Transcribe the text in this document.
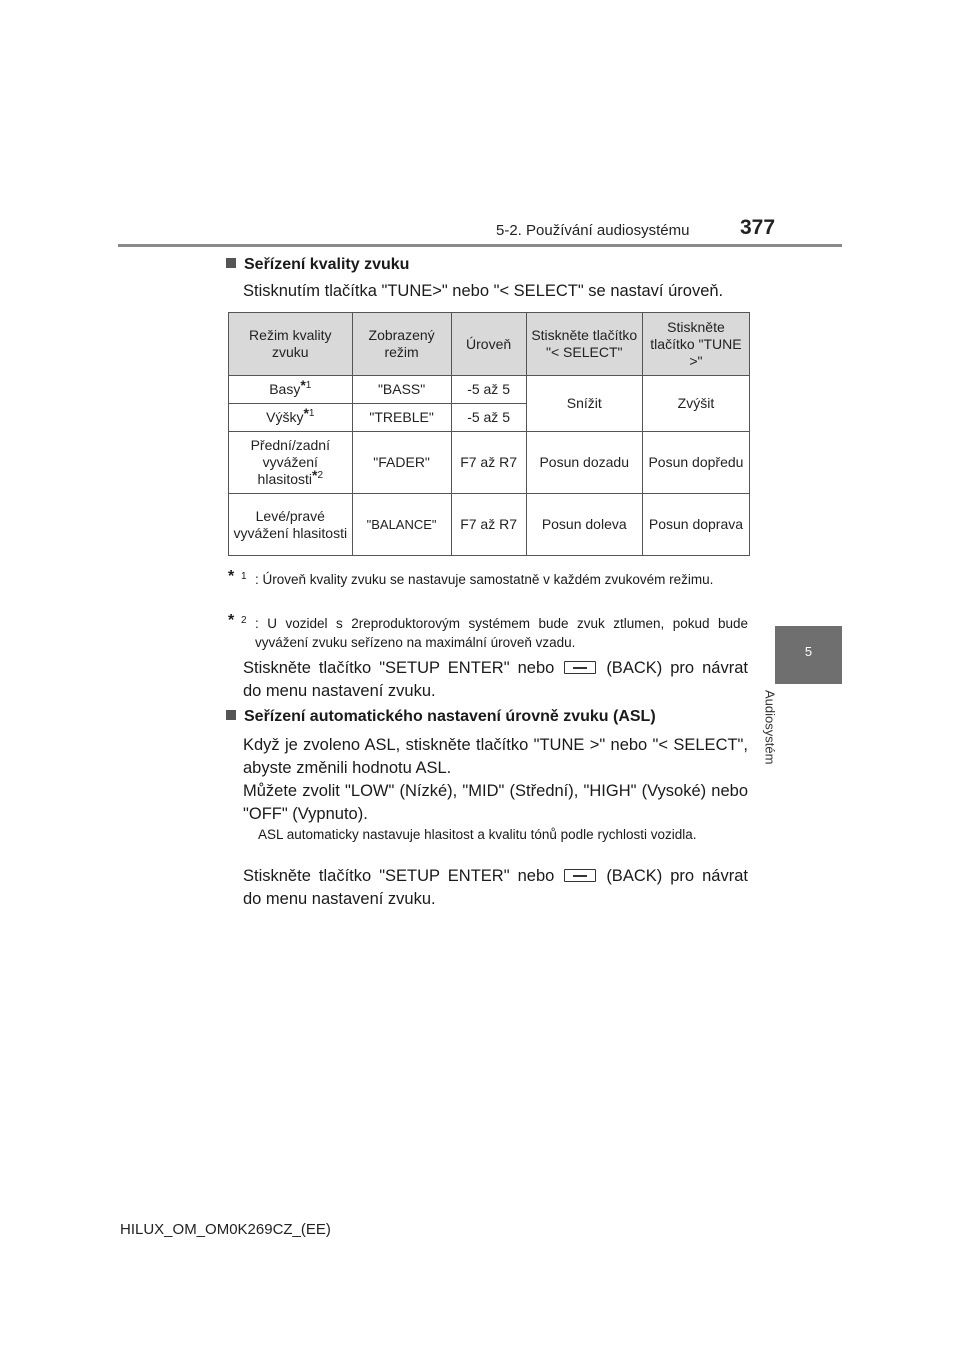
5-2. Používání audiosystému 377
5
Audiosystém
Seřízení kvality zvuku

Stisknutím tlačítka "TUNE>" nebo "< SELECT" se nastaví úroveň.

Režim kvality zvuku	Zobrazený režim	Úroveň	Stiskněte tlačítko "< SELECT"	Stiskněte tlačítko "TUNE >"
Basy$^{*1}$	"BASS"	-5 až 5	Snížit	Zvýšit
Výšky$^{*1}$	"TREBLE"	-5 až 5		
Přední/zadní vyvážení hlasitosti$^{*2}$	"FADER"	F7 až R7	Posun dozadu	Posun dopředu
Levé/pravé vyvážení hlasitosti	"BALANCE"	F7 až R7	Posun doleva	Posun doprava
* 1 : Úroveň kvality zvuku se nastavuje samostatně v každém zvukovém režimu.
* 2 : U vozidel s 2reproduktorovým systémem bude zvuk ztlumen, pokud bude vyvážení zvuku seřízeno na maximální úroveň vzadu.

Stiskněte tlačítko "SETUP ENTER" nebo	(BACK) pro návrat do menu nastavení zvuku.

Seřízení automatického nastavení úrovně zvuku (ASL)

Když je zvoleno ASL, stiskněte tlačítko "TUNE >" nebo "< SELECT", abyste změnili hodnotu ASL.

Můžete zvolit "LOW" (Nízké), "MID" (Střední), "HIGH" (Vysoké) nebo "OFF" (Vypnuto).

ASL automaticky nastavuje hlasitost a kvalitu tónů podle rychlosti vozidla.

Stiskněte tlačítko "SETUP ENTER" nebo	(BACK) pro návrat do menu nastavení zvuku.

HILUX_OM_OM0K269CZ_(EE)
